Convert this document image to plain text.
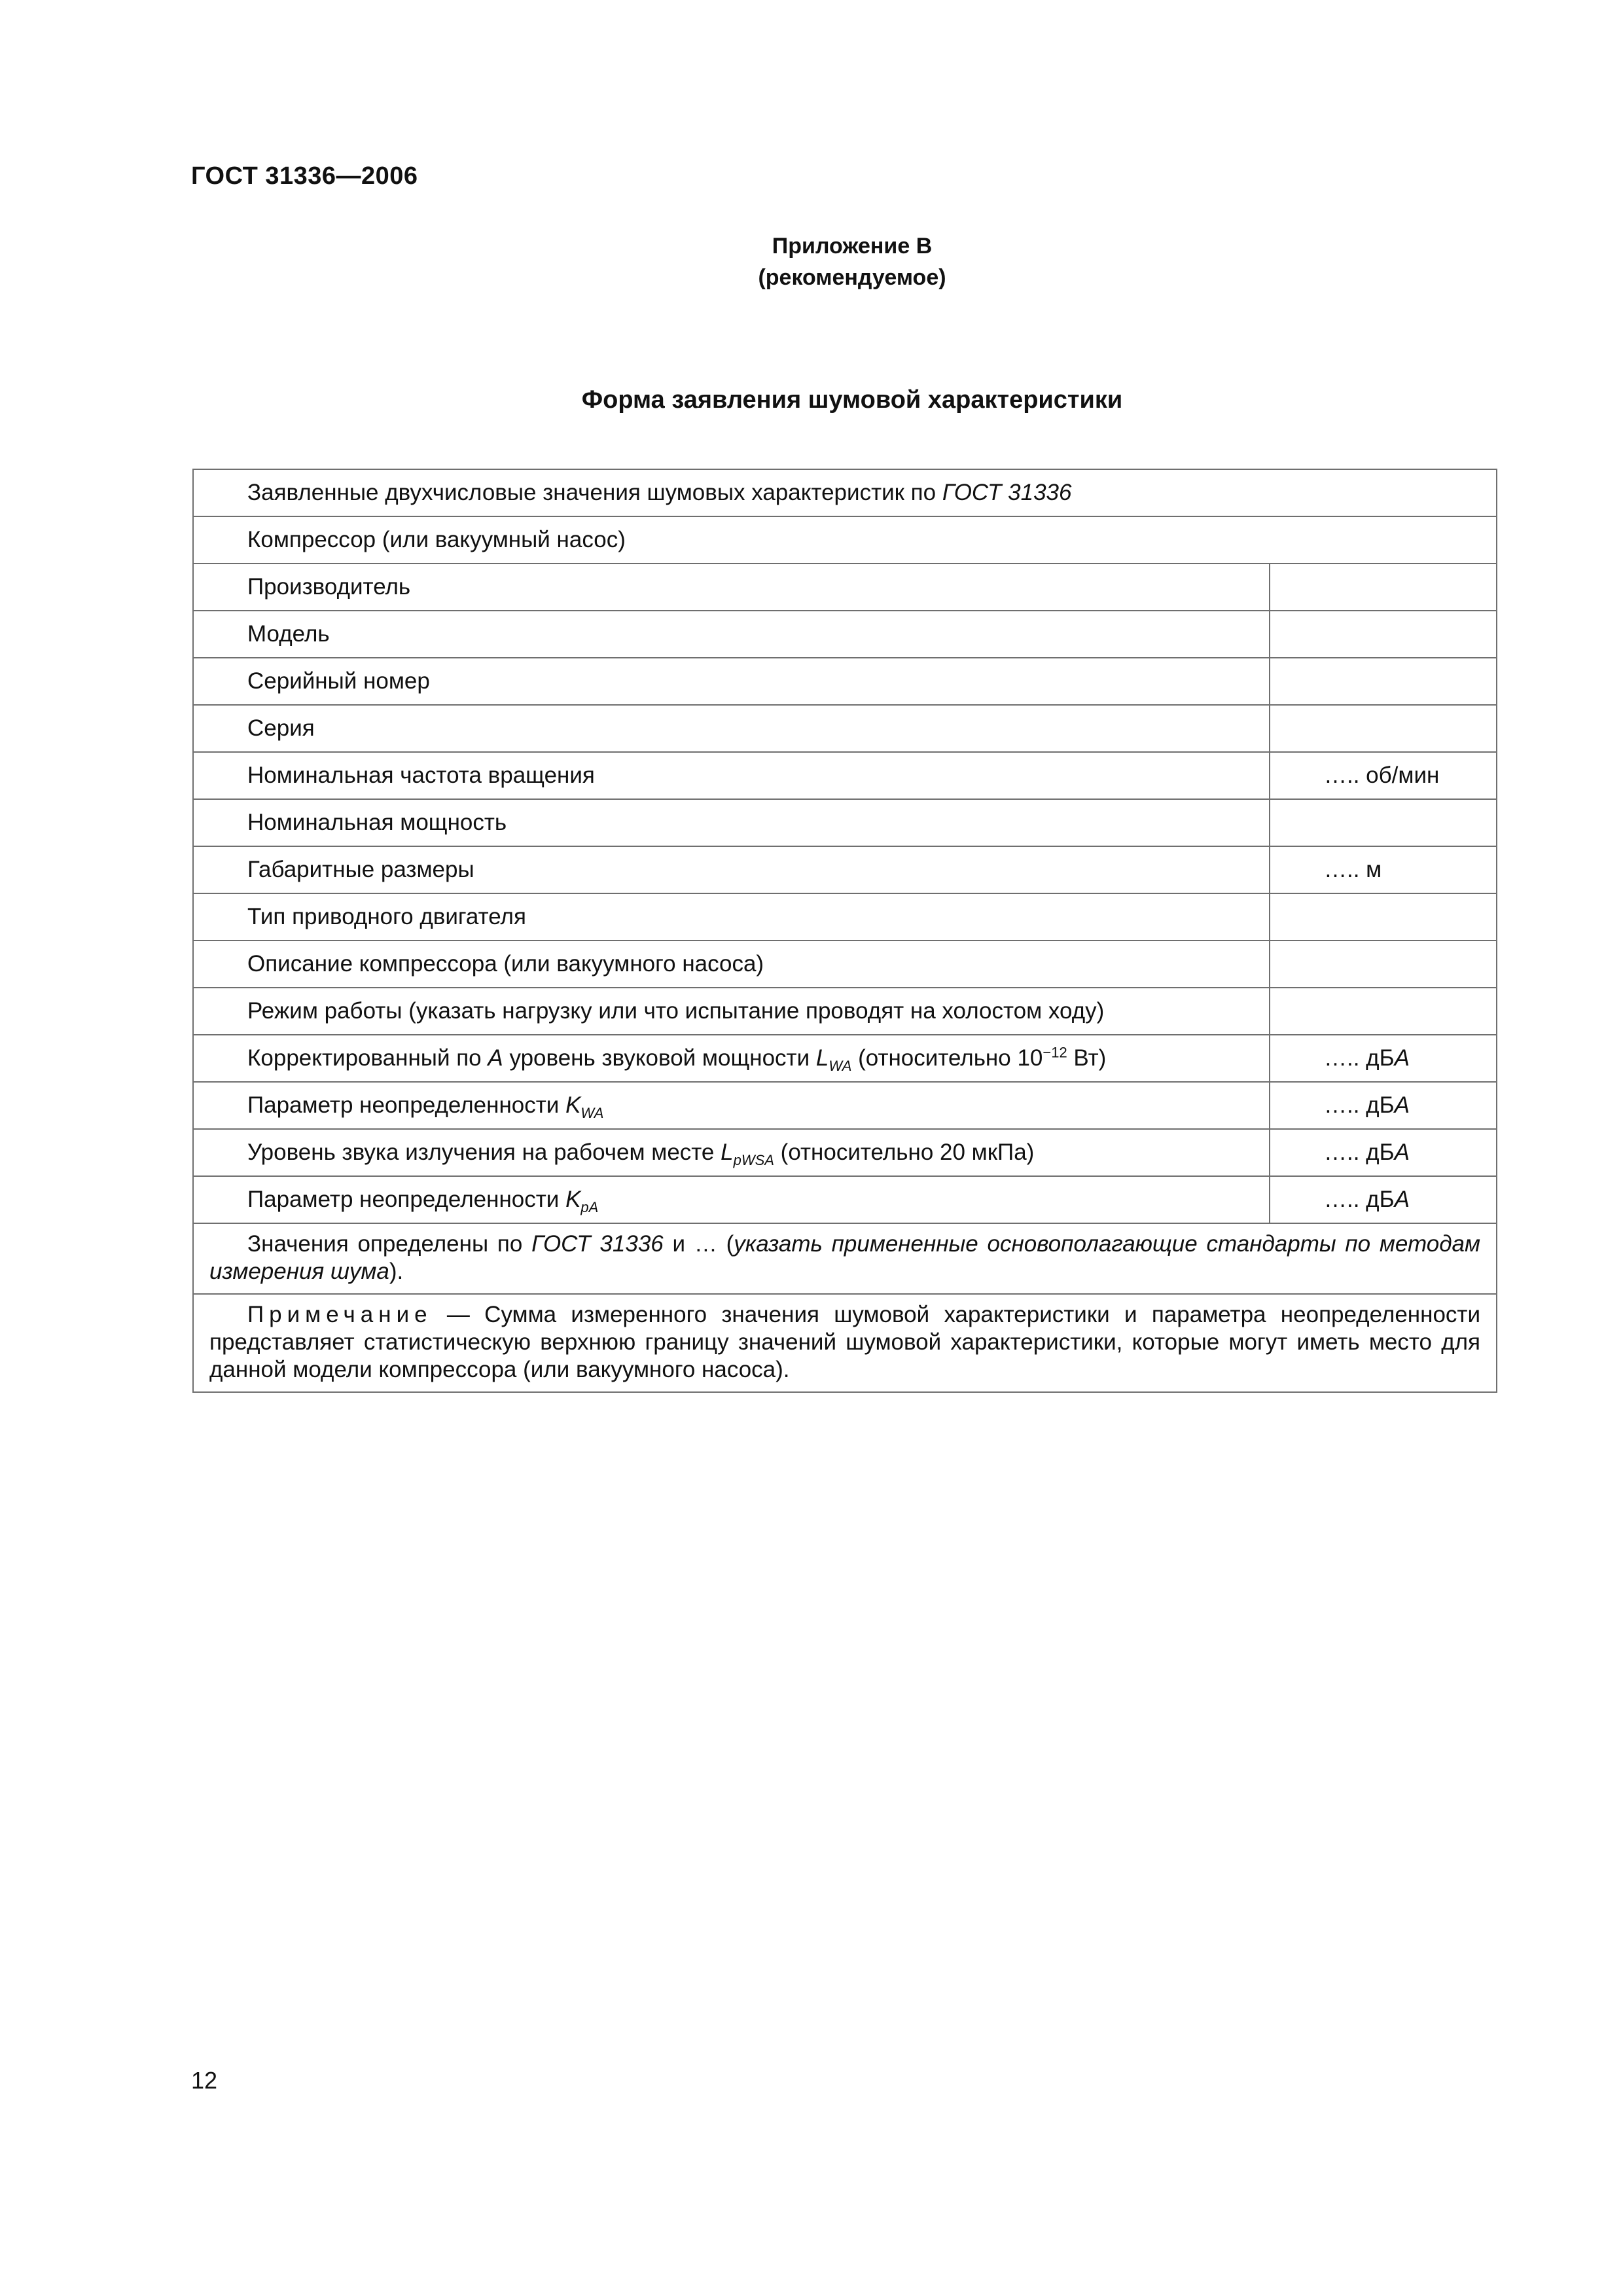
ГОСТ 31336—2006
Приложение В
(рекомендуемое)
Форма заявления шумовой характеристики
Заявленные двухчисловые значения шумовых характеристик по ГОСТ 31336	
Компрессор (или вакуумный насос)	
Производитель	
Модель	
Серийный номер	
Серия	
Номинальная частота вращения	….. об/мин
Номинальная мощность	
Габаритные размеры	….. м
Тип приводного двигателя	
Описание компрессора (или вакуумного насоса)	
Режим работы (указать нагрузку или что испытание проводят на холостом ходу)	
Корректированный по A уровень звуковой мощности $L_{WA}$ (относительно $10^{-12}$ Вт)	….. дБA
Параметр неопределенности $K_{WA}$	….. дБA
Уровень звука излучения на рабочем месте $L_{pWSA}$ (относительно 20 мкПа)	….. дБA
Параметр неопределенности $K_{pA}$	….. дБA
Значения определены по ГОСТ 31336 и … (указать примененные основополагающие стандарты по методам измерения шума).	
Примечание — Сумма измеренного значения шумовой характеристики и параметра неопределенности представляет статистическую верхнюю границу значений шумовой характеристики, которые могут иметь место для данной модели компрессора (или вакуумного насоса).	
12
